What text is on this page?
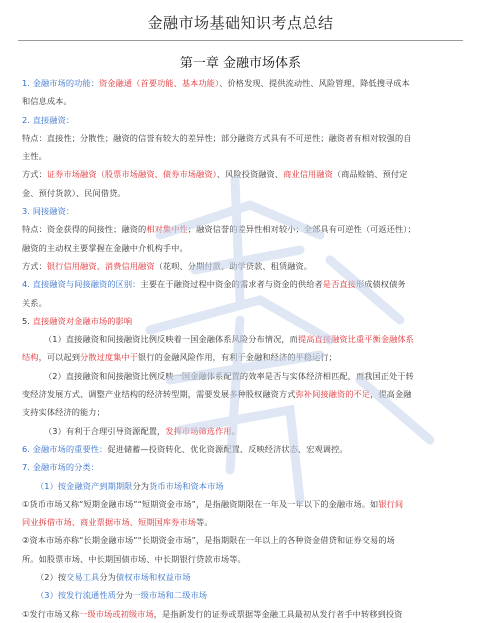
金融市场基础知识考点总结
第一章 金融市场体系

1. 金融市场的功能：资金融通（首要功能、基本功能）、价格发现、提供流动性、风险管理、降低搜寻成本

和信息成本。

2. 直接融资：

特点：直接性；分散性；融资的信誉有较大的差异性；部分融资方式具有不可逆性；融资者有相对较强的自

主性。

方式：证券市场融资（股票市场融资、债券市场融资）、风险投资融资、商业信用融资（商品赊销、预付定

金、预付货款）、民间借贷。

3. 间接融资：

特点：资金获得的间接性；融资的相对集中性；融资信誉的差异性相对较小；全部具有可逆性（可返还性）；

融资的主动权主要掌握在金融中介机构手中。

方式：银行信用融资、消费信用融资（花呗、分期付款、助学贷款、租赁融资。

4. 直接融资与间接融资的区别：主要在于融资过程中资金的需求者与资金的供给者是否直接形成债权债务

关系。

5. 直接融资对金融市场的影响

（1）直接融资和间接融资比例反映着一国金融体系风险分布情况，而提高直接融资比重平衡金融体系

结构，可以起到分散过度集中于银行的金融风险作用，有利于金融和经济的平稳运行；

（2）直接融资和间接融资比例反映一国金融体系配置的效率是否与实体经济相匹配，而我国正处于转

变经济发展方式、调整产业结构的经济转型期，需要发展多种股权融资方式弥补间接融资的不足，提高金融

支持实体经济的能力；

（3）有利于合理引导资源配置，发挥市场筛选作用。

6. 金融市场的重要性：促进储蓄—投资转化、优化资源配置、反映经济状态、宏观调控。

7. 金融市场的分类：

（1）按金融资产到期期限分为货币市场和资本市场

①货币市场又称“短期金融市场”“短期资金市场”，是指融资期限在一年及一年以下的金融市场。如银行间

同业拆借市场、商业票据市场、短期国库券市场等。

②资本市场亦称“长期金融市场”“长期资金市场”，是指期限在一年以上的各种资金借贷和证券交易的场

所。如股票市场、中长期国债市场、中长期银行贷款市场等。

（2）按交易工具分为债权市场和权益市场

（3）按发行流通性质分为一级市场和二级市场

①发行市场又称一级市场或初级市场，是指新发行的证券或票据等金融工具最初从发行者手中转移到投资
